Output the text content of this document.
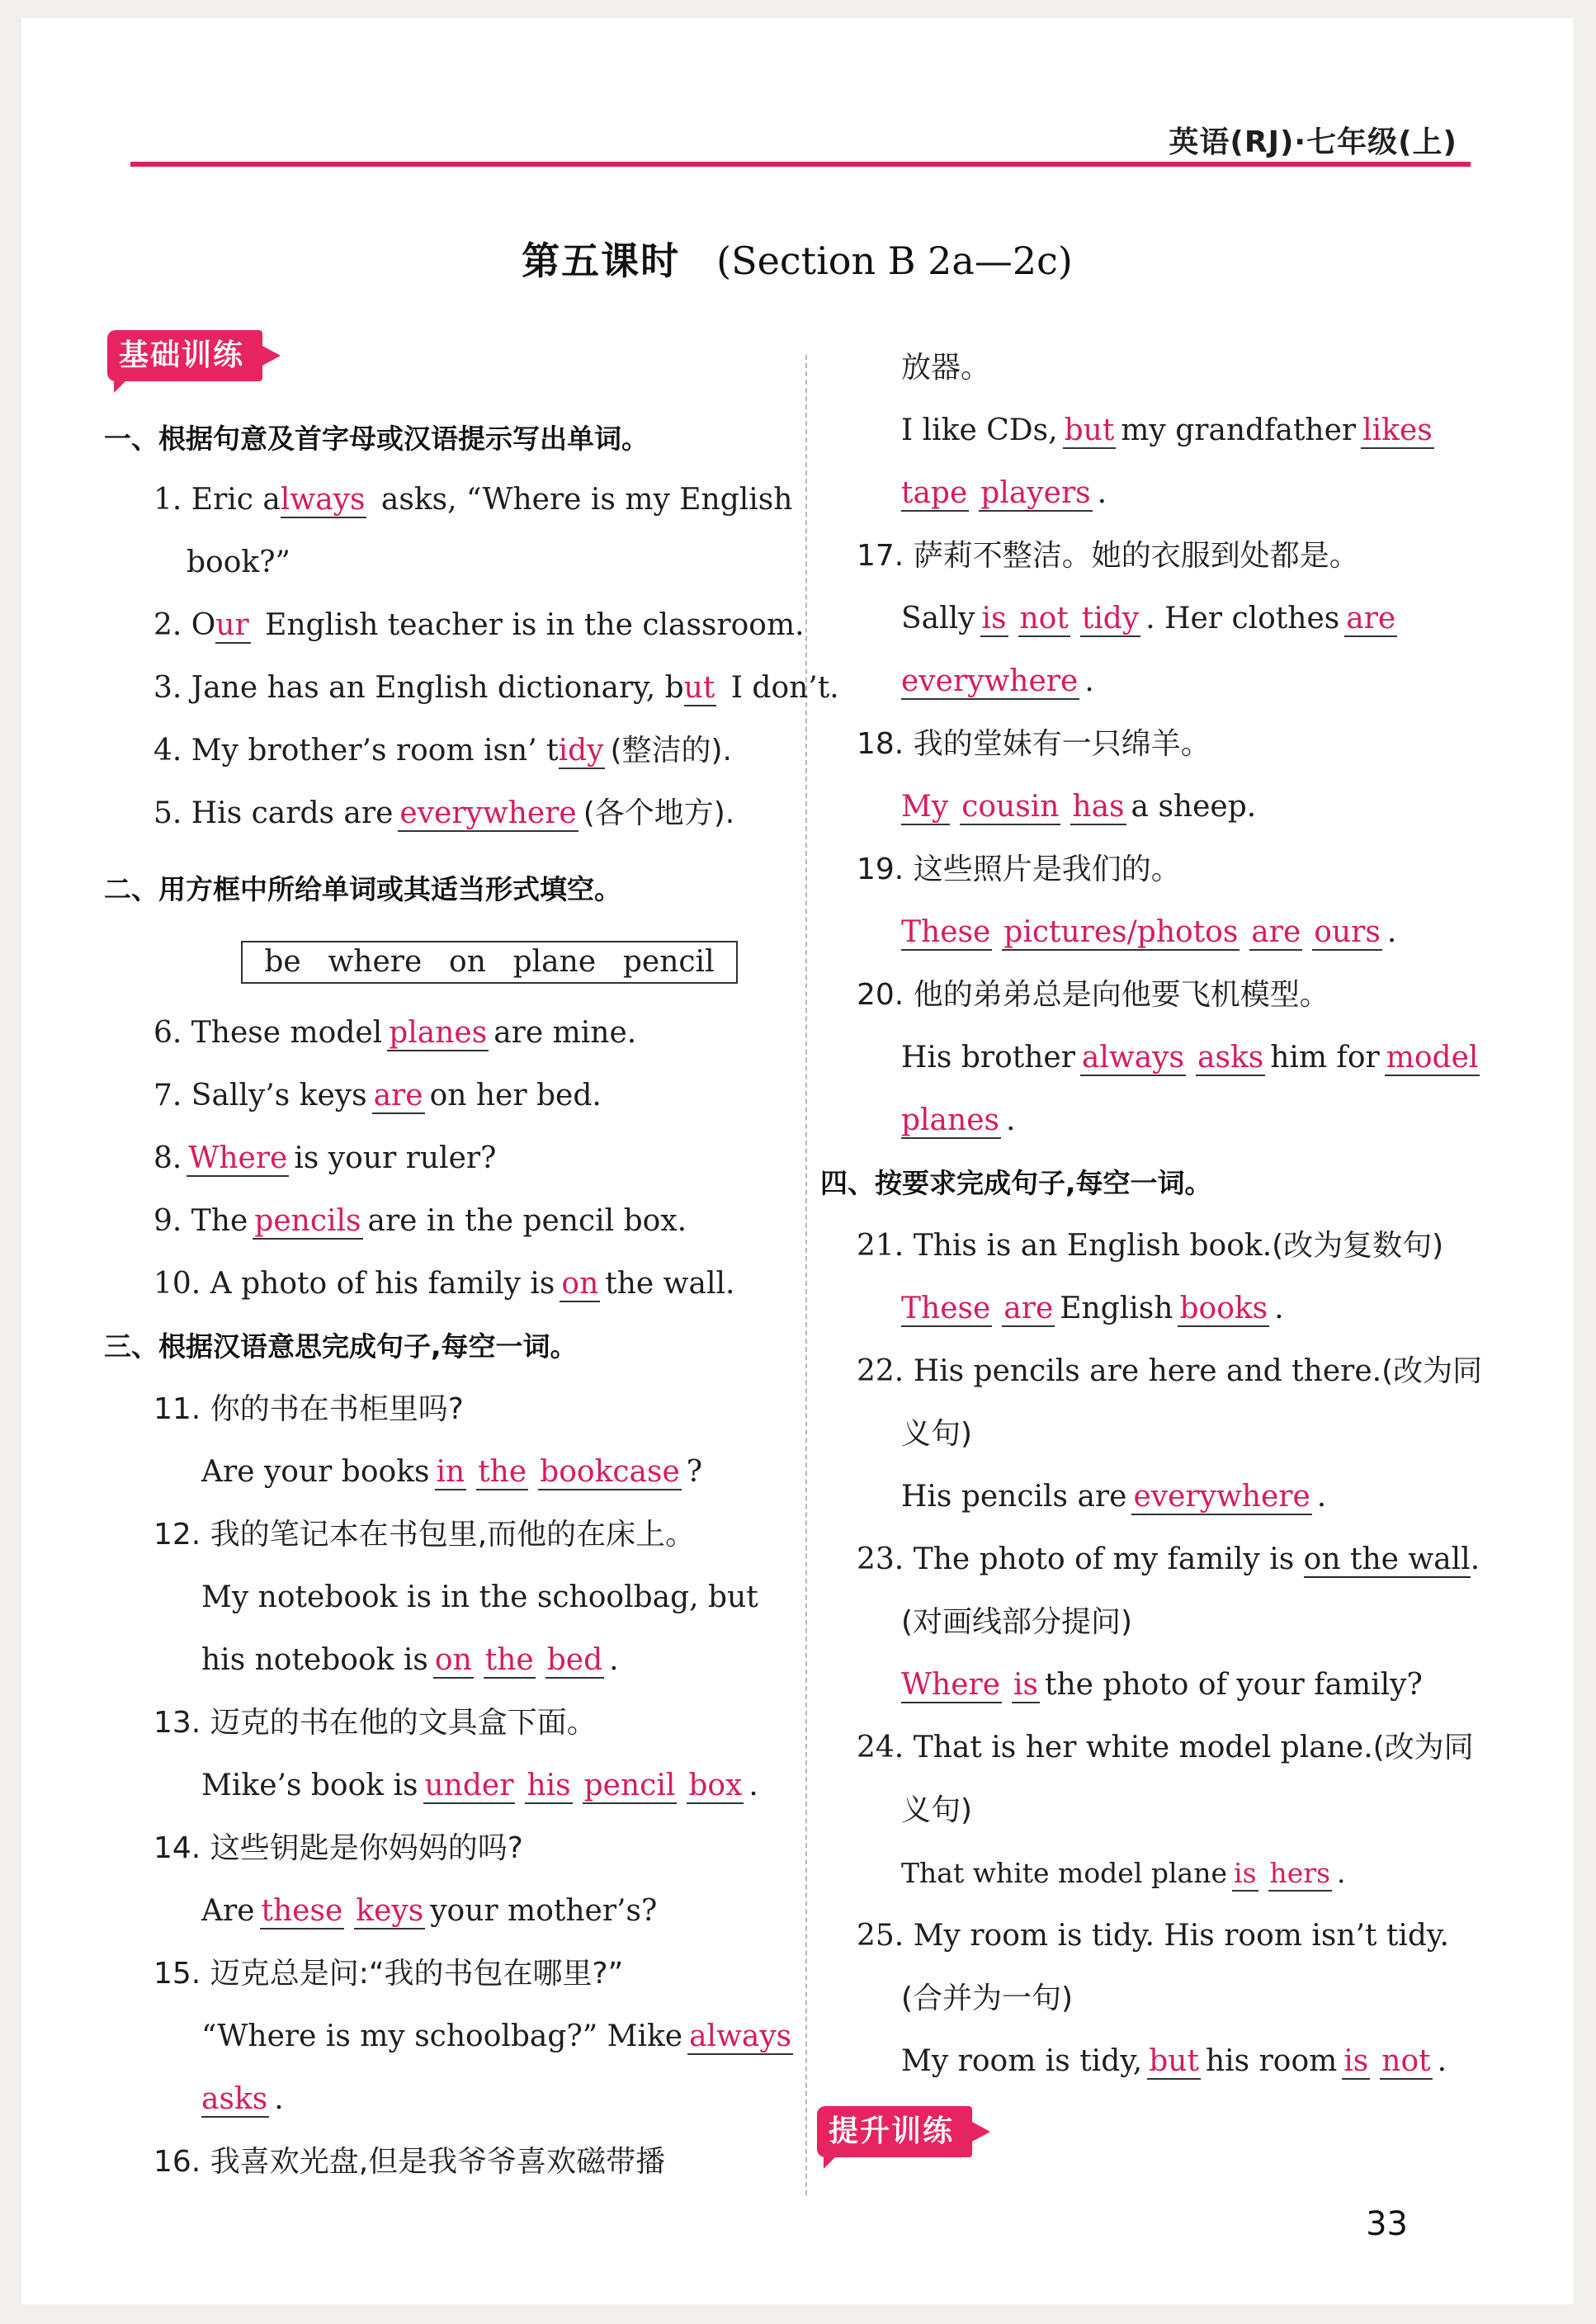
英语(RJ)·七年级(上)
第五课时 (Section B 2a—2c)
基础训练
一、根据句意及首字母或汉语提示写出单词。
1. Eric always asks, “Where is my English
book?”
2. Our English teacher is in the classroom.
3. Jane has an English dictionary, but I don’t.
4. My brother’s room isn’ tidy (整洁的).
5. His cards are everywhere (各个地方).
二、用方框中所给单词或其适当形式填空。
be where on plane pencil
6. These model planes are mine.
7. Sally’s keys are on her bed.
8. Where is your ruler?
9. The pencils are in the pencil box.
10. A photo of his family is on the wall.
三、根据汉语意思完成句子,每空一词。
11. 你的书在书柜里吗?
Are your books in the bookcase ?
12. 我的笔记本在书包里,而他的在床上。
My notebook is in the schoolbag, but
his notebook is on the bed .
13. 迈克的书在他的文具盒下面。
Mike’s book is under his pencil box .
14. 这些钥匙是你妈妈的吗?
Are these keys your mother’s?
15. 迈克总是问:“我的书包在哪里?”
“Where is my schoolbag?” Mike always
asks .
16. 我喜欢光盘,但是我爷爷喜欢磁带播
放器。
I like CDs, but my grandfather likes
tape players .
17. 萨莉不整洁。她的衣服到处都是。
Sally is not tidy . Her clothes are
everywhere .
18. 我的堂妹有一只绵羊。
My cousin has a sheep.
19. 这些照片是我们的。
These pictures/photos are ours .
20. 他的弟弟总是向他要飞机模型。
His brother always asks him for model
planes .
四、按要求完成句子,每空一词。
21. This is an English book.(改为复数句)
These are English books .
22. His pencils are here and there.(改为同
义句)
His pencils are everywhere .
23. The photo of my family is on the wall.
(对画线部分提问)
Where is the photo of your family?
24. That is her white model plane.(改为同
义句)
That white model plane is hers .
25. My room is tidy. His room isn’t tidy.
(合并为一句)
My room is tidy, but his room is not .
提升训练
33
